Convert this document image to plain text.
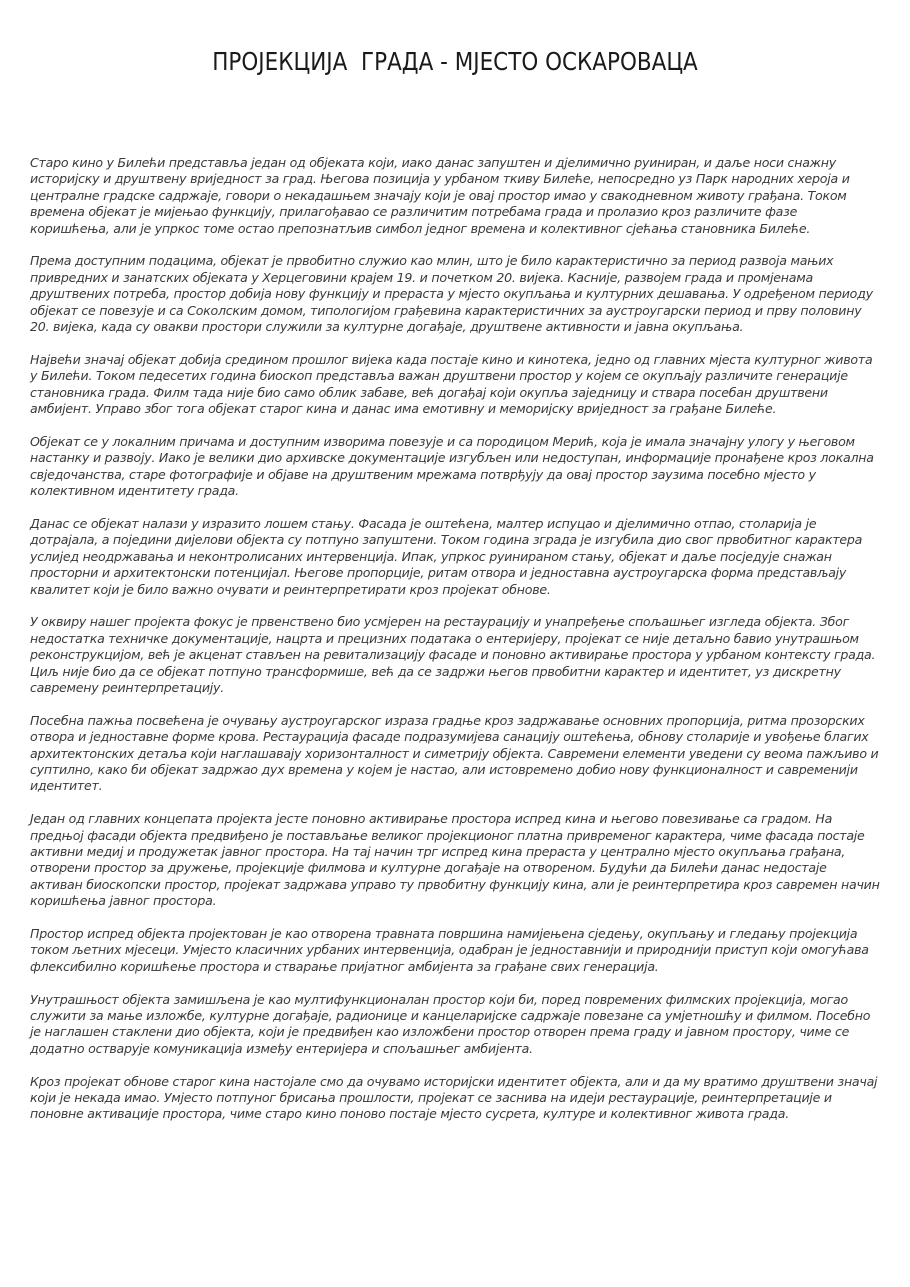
ПРОЈЕКЦИЈА  ГРАДА - МЈЕСТО ОСКАРОВАЦА

Старо кино у Билећи представља један од објеката који, иако данас запуштен и дјелимично руиниран, и даље носи снажну историјску и друштвену вриједност за град. Његова позиција у урбаном ткиву Билеће, непосредно уз Парк народних хероја и централне градске садржаје, говори о некадашњем значају који је овај простор имао у свакодневном животу грађана. Током времена објекат је мијењао функцију, прилагођавао се различитим потребама града и пролазио кроз различите фазе коришћења, али је упркос томе остао препознатљив симбол једног времена и колективног сјећања становника Билеће.

Према доступним подацима, објекат је првобитно служио као млин, што је било карактеристично за период развоја мањих привредних и занатских објеката у Херцеговини крајем 19. и почетком 20. вијека. Касније, развојем града и промјенама друштвених потреба, простор добија нову функцију и прераста у мјесто окупљања и културних дешавања. У одређеном периоду објекат се повезује и са Соколским домом, типологијом грађевина карактеристичних за аустроугарски период и прву половину 20. вијека, када су овакви простори служили за културне догађаје, друштвене активности и јавна окупљања.

Највећи значај објекат добија средином прошлог вијека када постаје кино и кинотека, једно од главних мјеста културног живота у Билећи. Током педесетих година биоскоп представља важан друштвени простор у којем се окупљају различите генерације становника града. Филм тада није био само облик забаве, већ догађај који окупља заједницу и ствара посебан друштвени амбијент. Управо због тога објекат старог кина и данас има емотивну и меморијску вриједност за грађане Билеће.

Објекат се у локалним причама и доступним изворима повезује и са породицом Мерић, која је имала значајну улогу у његовом настанку и развоју. Иако је велики дио архивске документације изгубљен или недоступан, информације пронађене кроз локална свједочанства, старе фотографије и објаве на друштвеним мрежама потврђују да овај простор заузима посебно мјесто у колективном идентитету града.

Данас се објекат налази у изразито лошем стању. Фасада је оштећена, малтер испуцао и дјелимично отпао, столарија је дотрајала, а поједини дијелови објекта су потпуно запуштени. Током година зграда је изгубила дио свог првобитног карактера услијед неодржавања и неконтролисаних интервенција. Ипак, упркос руинираном стању, објекат и даље посједује снажан просторни и архитектонски потенцијал. Његове пропорције, ритам отвора и једноставна аустроугарска форма представљају квалитет који је било важно очувати и реинтерпретирати кроз пројекат обнове.

У оквиру нашег пројекта фокус је првенствено био усмјерен на рестаурацију и унапређење спољашњег изгледа објекта. Због недостатка техничке документације, нацрта и прецизних података о ентеријеру, пројекат се није детаљно бавио унутрашњом реконструкцијом, већ је акценат стављен на ревитализацију фасаде и поновно активирање простора у урбаном контексту града. Циљ није био да се објекат потпуно трансформише, већ да се задржи његов првобитни карактер и идентитет, уз дискретну савремену реинтерпретацију.

Посебна пажња посвећена је очувању аустроугарског израза градње кроз задржавање основних пропорција, ритма прозорских отвора и једноставне форме крова. Рестаурација фасаде подразумијева санацију оштећења, обнову столарије и увођење благих архитектонских детаља који наглашавају хоризонталност и симетрију објекта. Савремени елементи уведени су веома пажљиво и суптилно, како би објекат задржао дух времена у којем је настао, али истовремено добио нову функционалност и савременији идентитет.

Један од главних концепата пројекта јесте поновно активирање простора испред кина и његово повезивање са градом. На предњој фасади објекта предвиђено је постављање великог пројекционог платна привременог карактера, чиме фасада постаје активни медиј и продужетак јавног простора. На тај начин трг испред кина прераста у централно мјесто окупљања грађана, отворени простор за дружење, пројекције филмова и културне догађаје на отвореном. Будући да Билећи данас недостаје активан биоскопски простор, пројекат задржава управо ту првобитну функцију кина, али је реинтерпретира кроз савремен начин коришћења јавног простора.

Простор испред објекта пројектован је као отворена травната површина намијењена сједењу, окупљању и гледању пројекција током љетних мјесеци. Умјесто класичних урбаних интервенција, одабран је једноставнији и природнији приступ који омогућава флексибилно коришћење простора и стварање пријатног амбијента за грађане свих генерација.

Унутрашњост објекта замишљена је као мултифункционалан простор који би, поред повремених филмских пројекција, могао служити за мање изложбе, културне догађаје, радионице и канцеларијске садржаје повезане са умјетношћу и филмом. Посебно је наглашен стаклени дио објекта, који је предвиђен као изложбени простор отворен према граду и јавном простору, чиме се додатно остварује комуникација између ентеријера и спољашњег амбијента.

Кроз пројекат обнове старог кина настојале смо да очувамо историјски идентитет објекта, али и да му вратимо друштвени значај који је некада имао. Умјесто потпуног брисања прошлости, пројекат се заснива на идеји рестаурације, реинтерпретације и поновне активације простора, чиме старо кино поново постаје мјесто сусрета, културе и колективног живота града.
